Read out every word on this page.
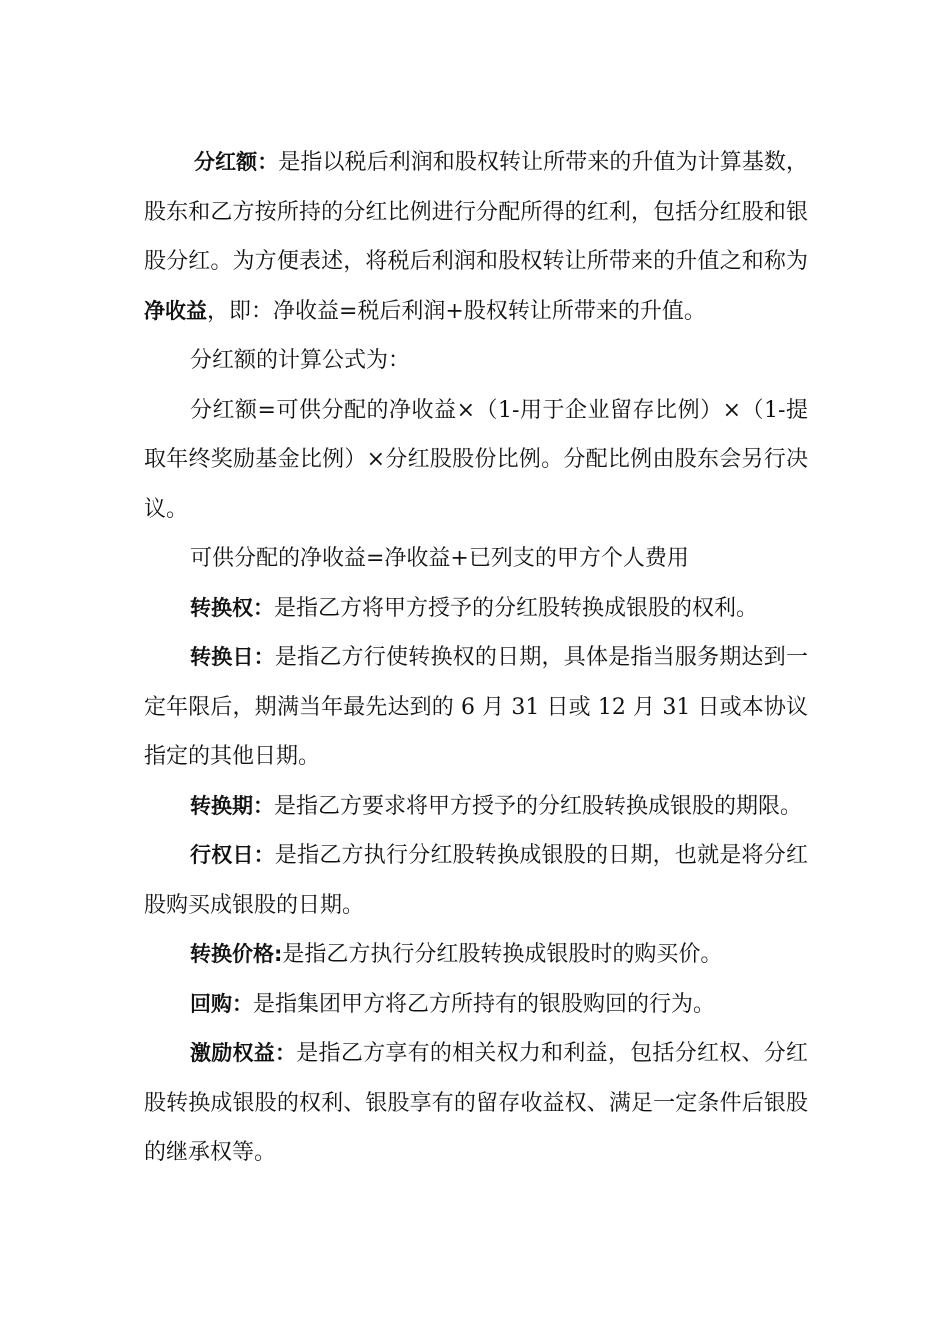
分红额：是指以税后利润和股权转让所带来的升值为计算基数，股东和乙方按所持的分红比例进行分配所得的红利，包括分红股和银股分红。为方便表述，将税后利润和股权转让所带来的升值之和称为 净收益，即：净收益=税后利润+股权转让所带来的升值。

分红额的计算公式为：

分红额=可供分配的净收益×（1-用于企业留存比例）×（1-提取年终奖励基金比例）×分红股股份比例。分配比例由股东会另行决议。

可供分配的净收益=净收益+已列支的甲方个人费用

转换权：是指乙方将甲方授予的分红股转换成银股的权利。

转换日：是指乙方行使转换权的日期，具体是指当服务期达到一定年限后，期满当年最先达到的 6 月 31 日或 12 月 31 日或本协议指定的其他日期。

转换期：是指乙方要求将甲方授予的分红股转换成银股的期限。

行权日：是指乙方执行分红股转换成银股的日期，也就是将分红股购买成银股的日期。

转换价格:是指乙方执行分红股转换成银股时的购买价。

回购：是指集团甲方将乙方所持有的银股购回的行为。

激励权益：是指乙方享有的相关权力和利益，包括分红权、分红股转换成银股的权利、银股享有的留存收益权、满足一定条件后银股的继承权等。
